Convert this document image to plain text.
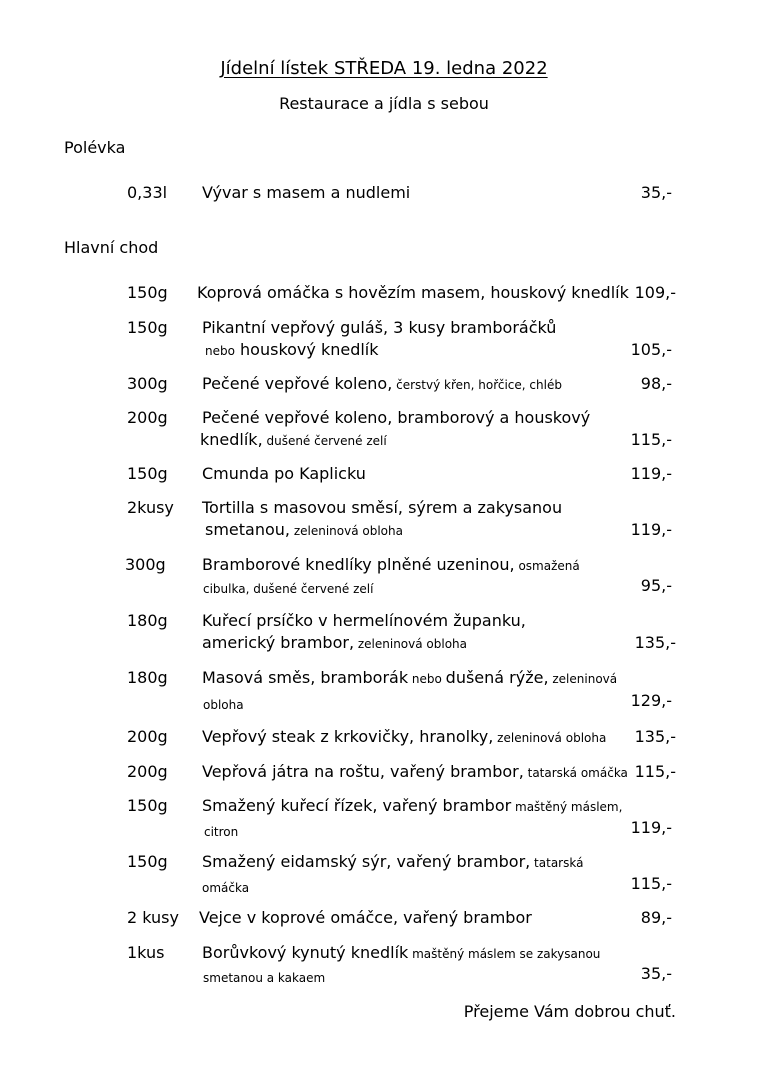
Jídelní lístek STŘEDA 19. ledna 2022
Restaurace a jídla s sebou
Polévka
0,33l Vývar s masem a nudlemi	35,-
Hlavní chod
150g Koprová omáčka s hovězím masem, houskový knedlík 109,-
150g Pikantní vepřový guláš, 3 kusy bramboráčků
nebo houskový knedlík	105,-
300g Pečené vepřové koleno, čerstvý křen, hořčice, chléb	98,-
200g Pečené vepřové koleno, bramborový a houskový
knedlík, dušené červené zelí	115,-
150g Cmunda po Kaplicku	119,-
2kusy Tortilla s masovou směsí, sýrem a zakysanou
smetanou, zeleninová obloha	119,-
300g Bramborové knedlíky plněné uzeninou, osmažená
cibulka, dušené červené zelí	95,-
180g Kuřecí prsíčko v hermelínovém županku,
americký brambor, zeleninová obloha	135,-
180g Masová směs, bramborák nebo dušená rýže, zeleninová
obloha	129,-
200g Vepřový steak z krkovičky, hranolky, zeleninová obloha 135,-
200g Vepřová játra na roštu, vařený brambor, tatarská omáčka 115,-
150g Smažený kuřecí řízek, vařený brambor maštěný máslem,
citron	119,-
150g Smažený eidamský sýr, vařený brambor, tatarská
omáčka	115,-
2 kusy Vejce v koprové omáčce, vařený brambor	89,-
1kus Borůvkový kynutý knedlík maštěný máslem se zakysanou
smetanou a kakaem	35,-
Přejeme Vám dobrou chuť.
